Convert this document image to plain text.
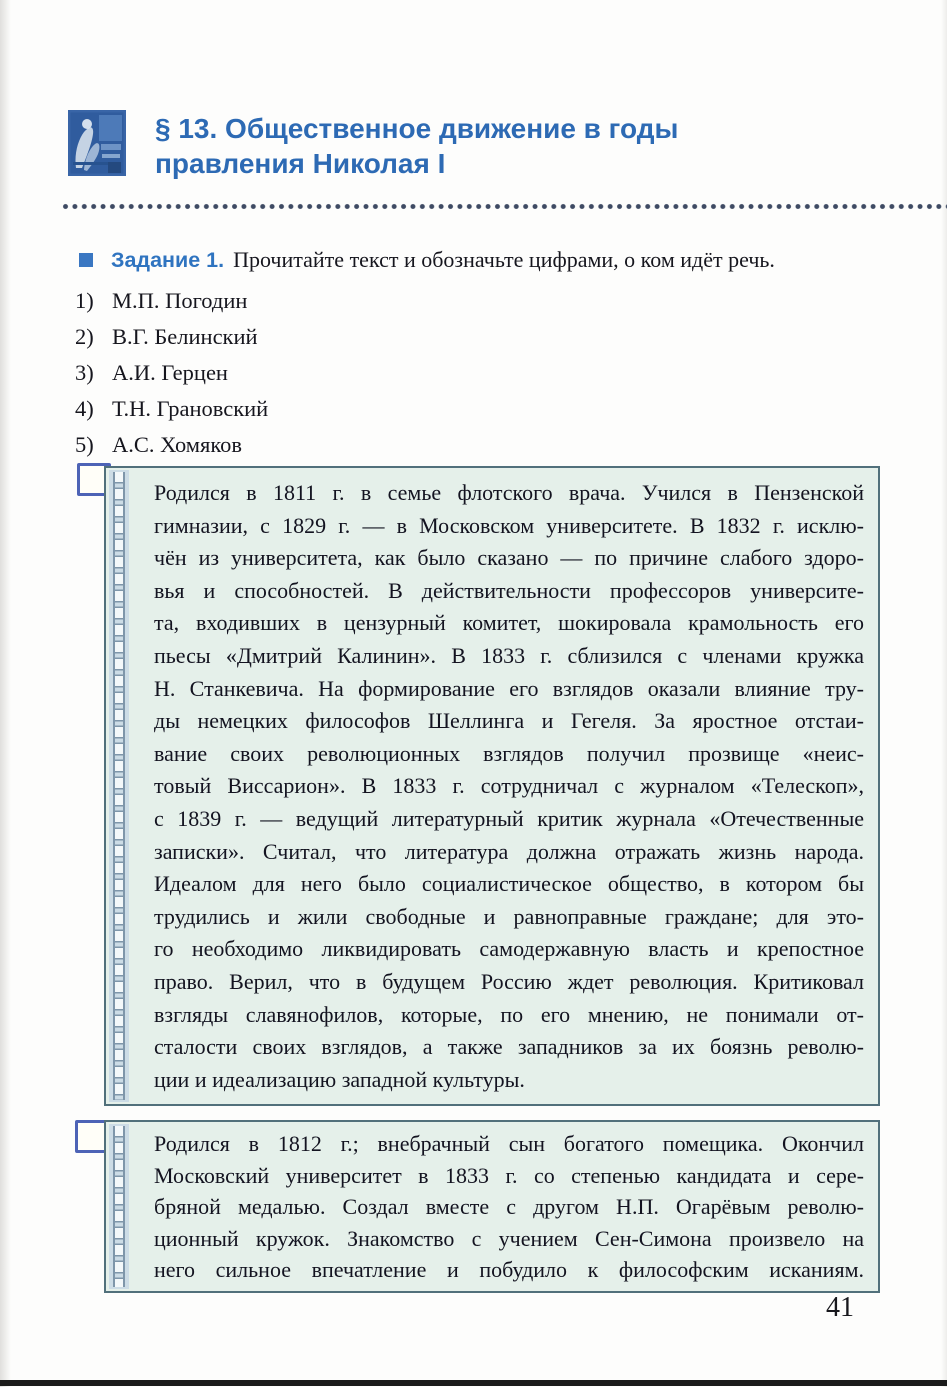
§ 13. Общественное движение в годы
правления Николая I
Задание 1. Прочитайте текст и обозначьте цифрами, о ком идёт речь.
1) М.П. Погодин
2) В.Г. Белинский
3) А.И. Герцен
4) Т.Н. Грановский
5) А.С. Хомяков
Родился в 1811 г. в семье флотского врача. Учился в Пензенской
гимназии, с 1829 г. — в Московском университете. В 1832 г. исклю-
чён из университета, как было сказано — по причине слабого здоро-
вья и способностей. В действительности профессоров университе-
та, входивших в цензурный комитет, шокировала крамольность его
пьесы «Дмитрий Калинин». В 1833 г. сблизился с членами кружка
Н. Станкевича. На формирование его взглядов оказали влияние тру-
ды немецких философов Шеллинга и Гегеля. За яростное отстаи-
вание своих революционных взглядов получил прозвище «неис-
товый Виссарион». В 1833 г. сотрудничал с журналом «Телескоп»,
с 1839 г. — ведущий литературный критик журнала «Отечественные
записки». Считал, что литература должна отражать жизнь народа.
Идеалом для него было социалистическое общество, в котором бы
трудились и жили свободные и равноправные граждане; для это-
го необходимо ликвидировать самодержавную власть и крепостное
право. Верил, что в будущем Россию ждет революция. Критиковал
взгляды славянофилов, которые, по его мнению, не понимали от-
сталости своих взглядов, а также западников за их боязнь револю-
ции и идеализацию западной культуры.
Родился в 1812 г.; внебрачный сын богатого помещика. Окончил
Московский университет в 1833 г. со степенью кандидата и сере-
бряной медалью. Создал вместе с другом Н.П. Огарёвым револю-
ционный кружок. Знакомство с учением Сен-Симона произвело на
него сильное впечатление и побудило к философским исканиям.
41
